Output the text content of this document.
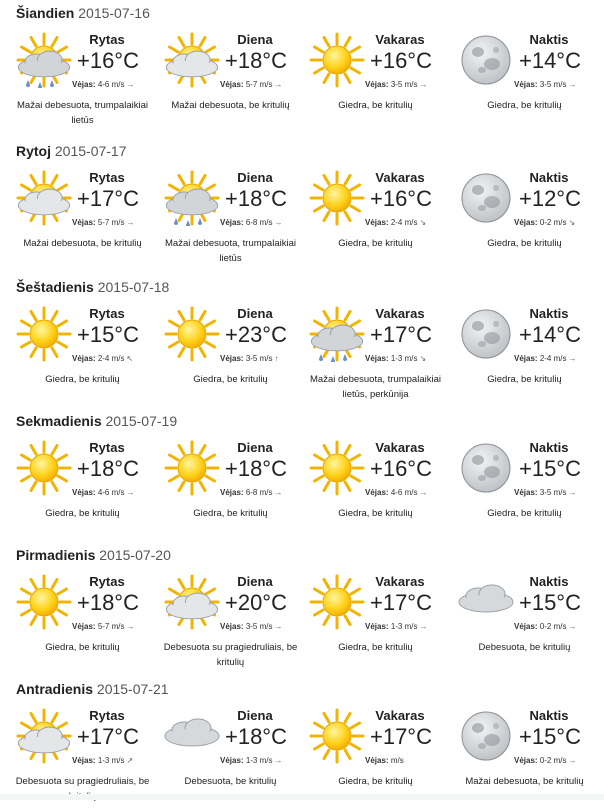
Šiandien 2015-07-16
Rytas
+16°C
Vėjas: 4-6 m/s →
Mažai debesuota, trumpalaikiai lietūs
Diena
+18°C
Vėjas: 5-7 m/s →
Mažai debesuota, be kritulių
Vakaras
+16°C
Vėjas: 3-5 m/s →
Giedra, be kritulių
Naktis
+14°C
Vėjas: 3-5 m/s →
Giedra, be kritulių
Rytoj 2015-07-17
Rytas
+17°C
Vėjas: 5-7 m/s →
Mažai debesuota, be kritulių
Diena
+18°C
Vėjas: 6-8 m/s →
Mažai debesuota, trumpalaikiai lietūs
Vakaras
+16°C
Vėjas: 2-4 m/s ↘
Giedra, be kritulių
Naktis
+12°C
Vėjas: 0-2 m/s ↘
Giedra, be kritulių
Šeštadienis 2015-07-18
Rytas
+15°C
Vėjas: 2-4 m/s ↖
Giedra, be kritulių
Diena
+23°C
Vėjas: 3-5 m/s ↑
Giedra, be kritulių
Vakaras
+17°C
Vėjas: 1-3 m/s ↘
Mažai debesuota, trumpalaikiai lietūs, perkūnija
Naktis
+14°C
Vėjas: 2-4 m/s →
Giedra, be kritulių
Sekmadienis 2015-07-19
Rytas
+18°C
Vėjas: 4-6 m/s →
Giedra, be kritulių
Diena
+18°C
Vėjas: 6-8 m/s →
Giedra, be kritulių
Vakaras
+16°C
Vėjas: 4-6 m/s →
Giedra, be kritulių
Naktis
+15°C
Vėjas: 3-5 m/s →
Giedra, be kritulių
Pirmadienis 2015-07-20
Rytas
+18°C
Vėjas: 5-7 m/s →
Giedra, be kritulių
Diena
+20°C
Vėjas: 3-5 m/s →
Debesuota su pragiedruliais, be kritulių
Vakaras
+17°C
Vėjas: 1-3 m/s →
Giedra, be kritulių
Naktis
+15°C
Vėjas: 0-2 m/s →
Debesuota, be kritulių
Antradienis 2015-07-21
Rytas
+17°C
Vėjas: 1-3 m/s ↗
Debesuota su pragiedruliais, be
Diena
+18°C
Vėjas: 1-3 m/s →
Debesuota, be kritulių
Vakaras
+17°C
Vėjas: m/s
Giedra, be kritulių
Naktis
+15°C
Vėjas: 0-2 m/s →
Mažai debesuota, be kritulių
